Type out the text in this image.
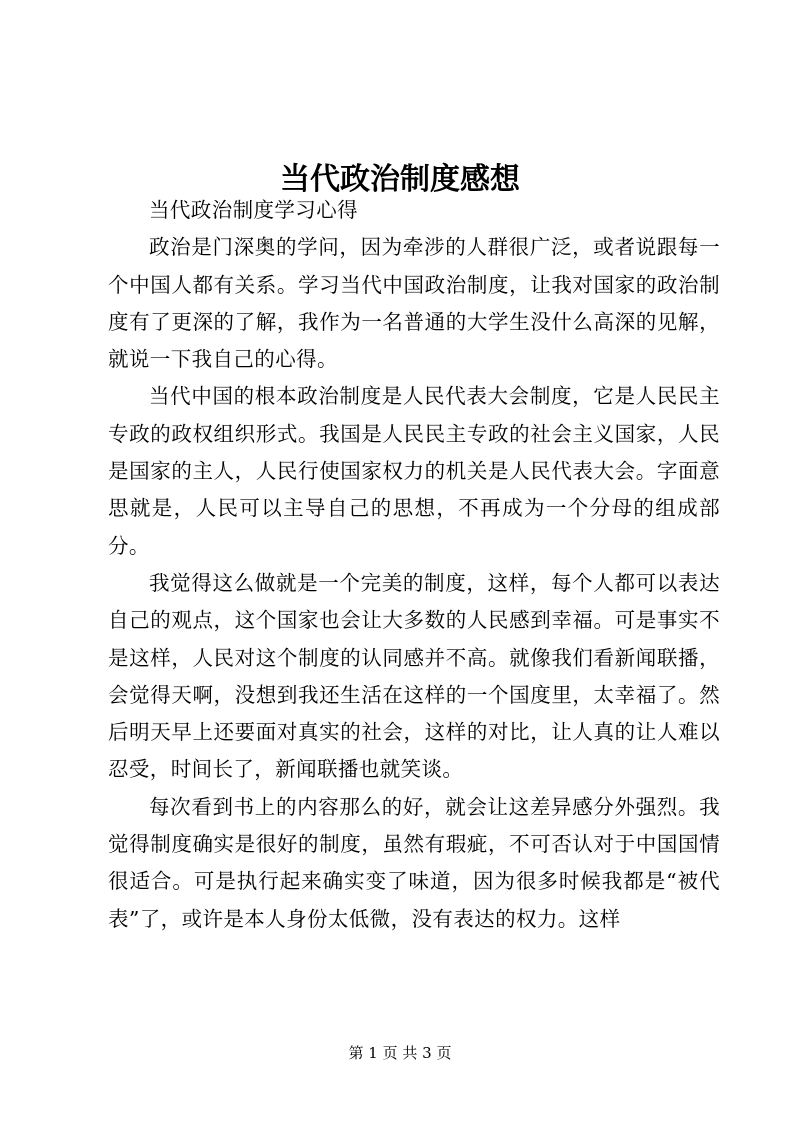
当代政治制度感想

当代政治制度学习心得

政治是门深奥的学问，因为牵涉的人群很广泛，或者说跟每一个中国人都有关系。学习当代中国政治制度，让我对国家的政治制度有了更深的了解，我作为一名普通的大学生没什么高深的见解，就说一下我自己的心得。

当代中国的根本政治制度是人民代表大会制度，它是人民民主专政的政权组织形式。我国是人民民主专政的社会主义国家，人民是国家的主人，人民行使国家权力的机关是人民代表大会。字面意思就是，人民可以主导自己的思想，不再成为一个分母的组成部分。

我觉得这么做就是一个完美的制度，这样，每个人都可以表达自己的观点，这个国家也会让大多数的人民感到幸福。可是事实不是这样，人民对这个制度的认同感并不高。就像我们看新闻联播，会觉得天啊，没想到我还生活在这样的一个国度里，太幸福了。然后明天早上还要面对真实的社会，这样的对比，让人真的让人难以忍受，时间长了，新闻联播也就笑谈。

每次看到书上的内容那么的好，就会让这差异感分外强烈。我觉得制度确实是很好的制度，虽然有瑕疵，不可否认对于中国国情很适合。可是执行起来确实变了味道，因为很多时候我都是“被代表”了，或许是本人身份太低微，没有表达的权力。这样

第 1 页 共 3 页
